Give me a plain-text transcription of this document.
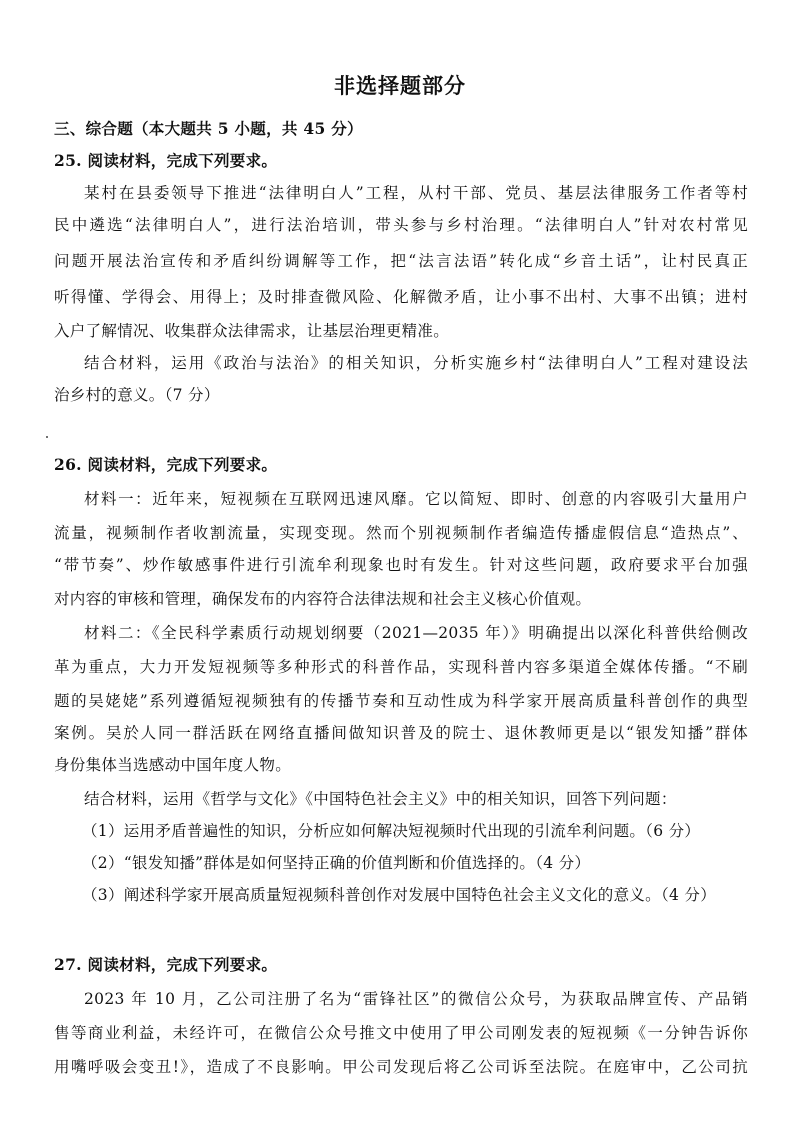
非选择题部分
三、综合题（本大题共 5 小题，共 45 分）
25. 阅读材料，完成下列要求。
某村在县委领导下推进“法律明白人”工程，从村干部、党员、基层法律服务工作者等村
民中遴选“法律明白人”，进行法治培训，带头参与乡村治理。“法律明白人”针对农村常见
问题开展法治宣传和矛盾纠纷调解等工作，把“法言法语”转化成“乡音土话”，让村民真正
听得懂、学得会、用得上；及时排查微风险、化解微矛盾，让小事不出村、大事不出镇；进村
入户了解情况、收集群众法律需求，让基层治理更精准。
结合材料，运用《政治与法治》的相关知识，分析实施乡村“法律明白人”工程对建设法
治乡村的意义。（7 分）
26. 阅读材料，完成下列要求。
材料一：近年来，短视频在互联网迅速风靡。它以简短、即时、创意的内容吸引大量用户
流量，视频制作者收割流量，实现变现。然而个别视频制作者编造传播虚假信息“造热点”、
“带节奏”、炒作敏感事件进行引流牟利现象也时有发生。针对这些问题，政府要求平台加强
对内容的审核和管理，确保发布的内容符合法律法规和社会主义核心价值观。
材料二：《全民科学素质行动规划纲要（2021—2035 年）》明确提出以深化科普供给侧改
革为重点，大力开发短视频等多种形式的科普作品，实现科普内容多渠道全媒体传播。“不刷
题的吴姥姥”系列遵循短视频独有的传播节奏和互动性成为科学家开展高质量科普创作的典型
案例。吴於人同一群活跃在网络直播间做知识普及的院士、退休教师更是以“银发知播”群体
身份集体当选感动中国年度人物。
结合材料，运用《哲学与文化》《中国特色社会主义》中的相关知识，回答下列问题：
（1）运用矛盾普遍性的知识，分析应如何解决短视频时代出现的引流牟利问题。（6 分）
（2）“银发知播”群体是如何坚持正确的价值判断和价值选择的。（4 分）
（3）阐述科学家开展高质量短视频科普创作对发展中国特色社会主义文化的意义。（4 分）
27. 阅读材料，完成下列要求。
2023 年 10 月，乙公司注册了名为“雷锋社区”的微信公众号，为获取品牌宣传、产品销
售等商业利益，未经许可，在微信公众号推文中使用了甲公司刚发表的短视频《一分钟告诉你
用嘴呼吸会变丑!》，造成了不良影响。甲公司发现后将乙公司诉至法院。在庭审中，乙公司抗
